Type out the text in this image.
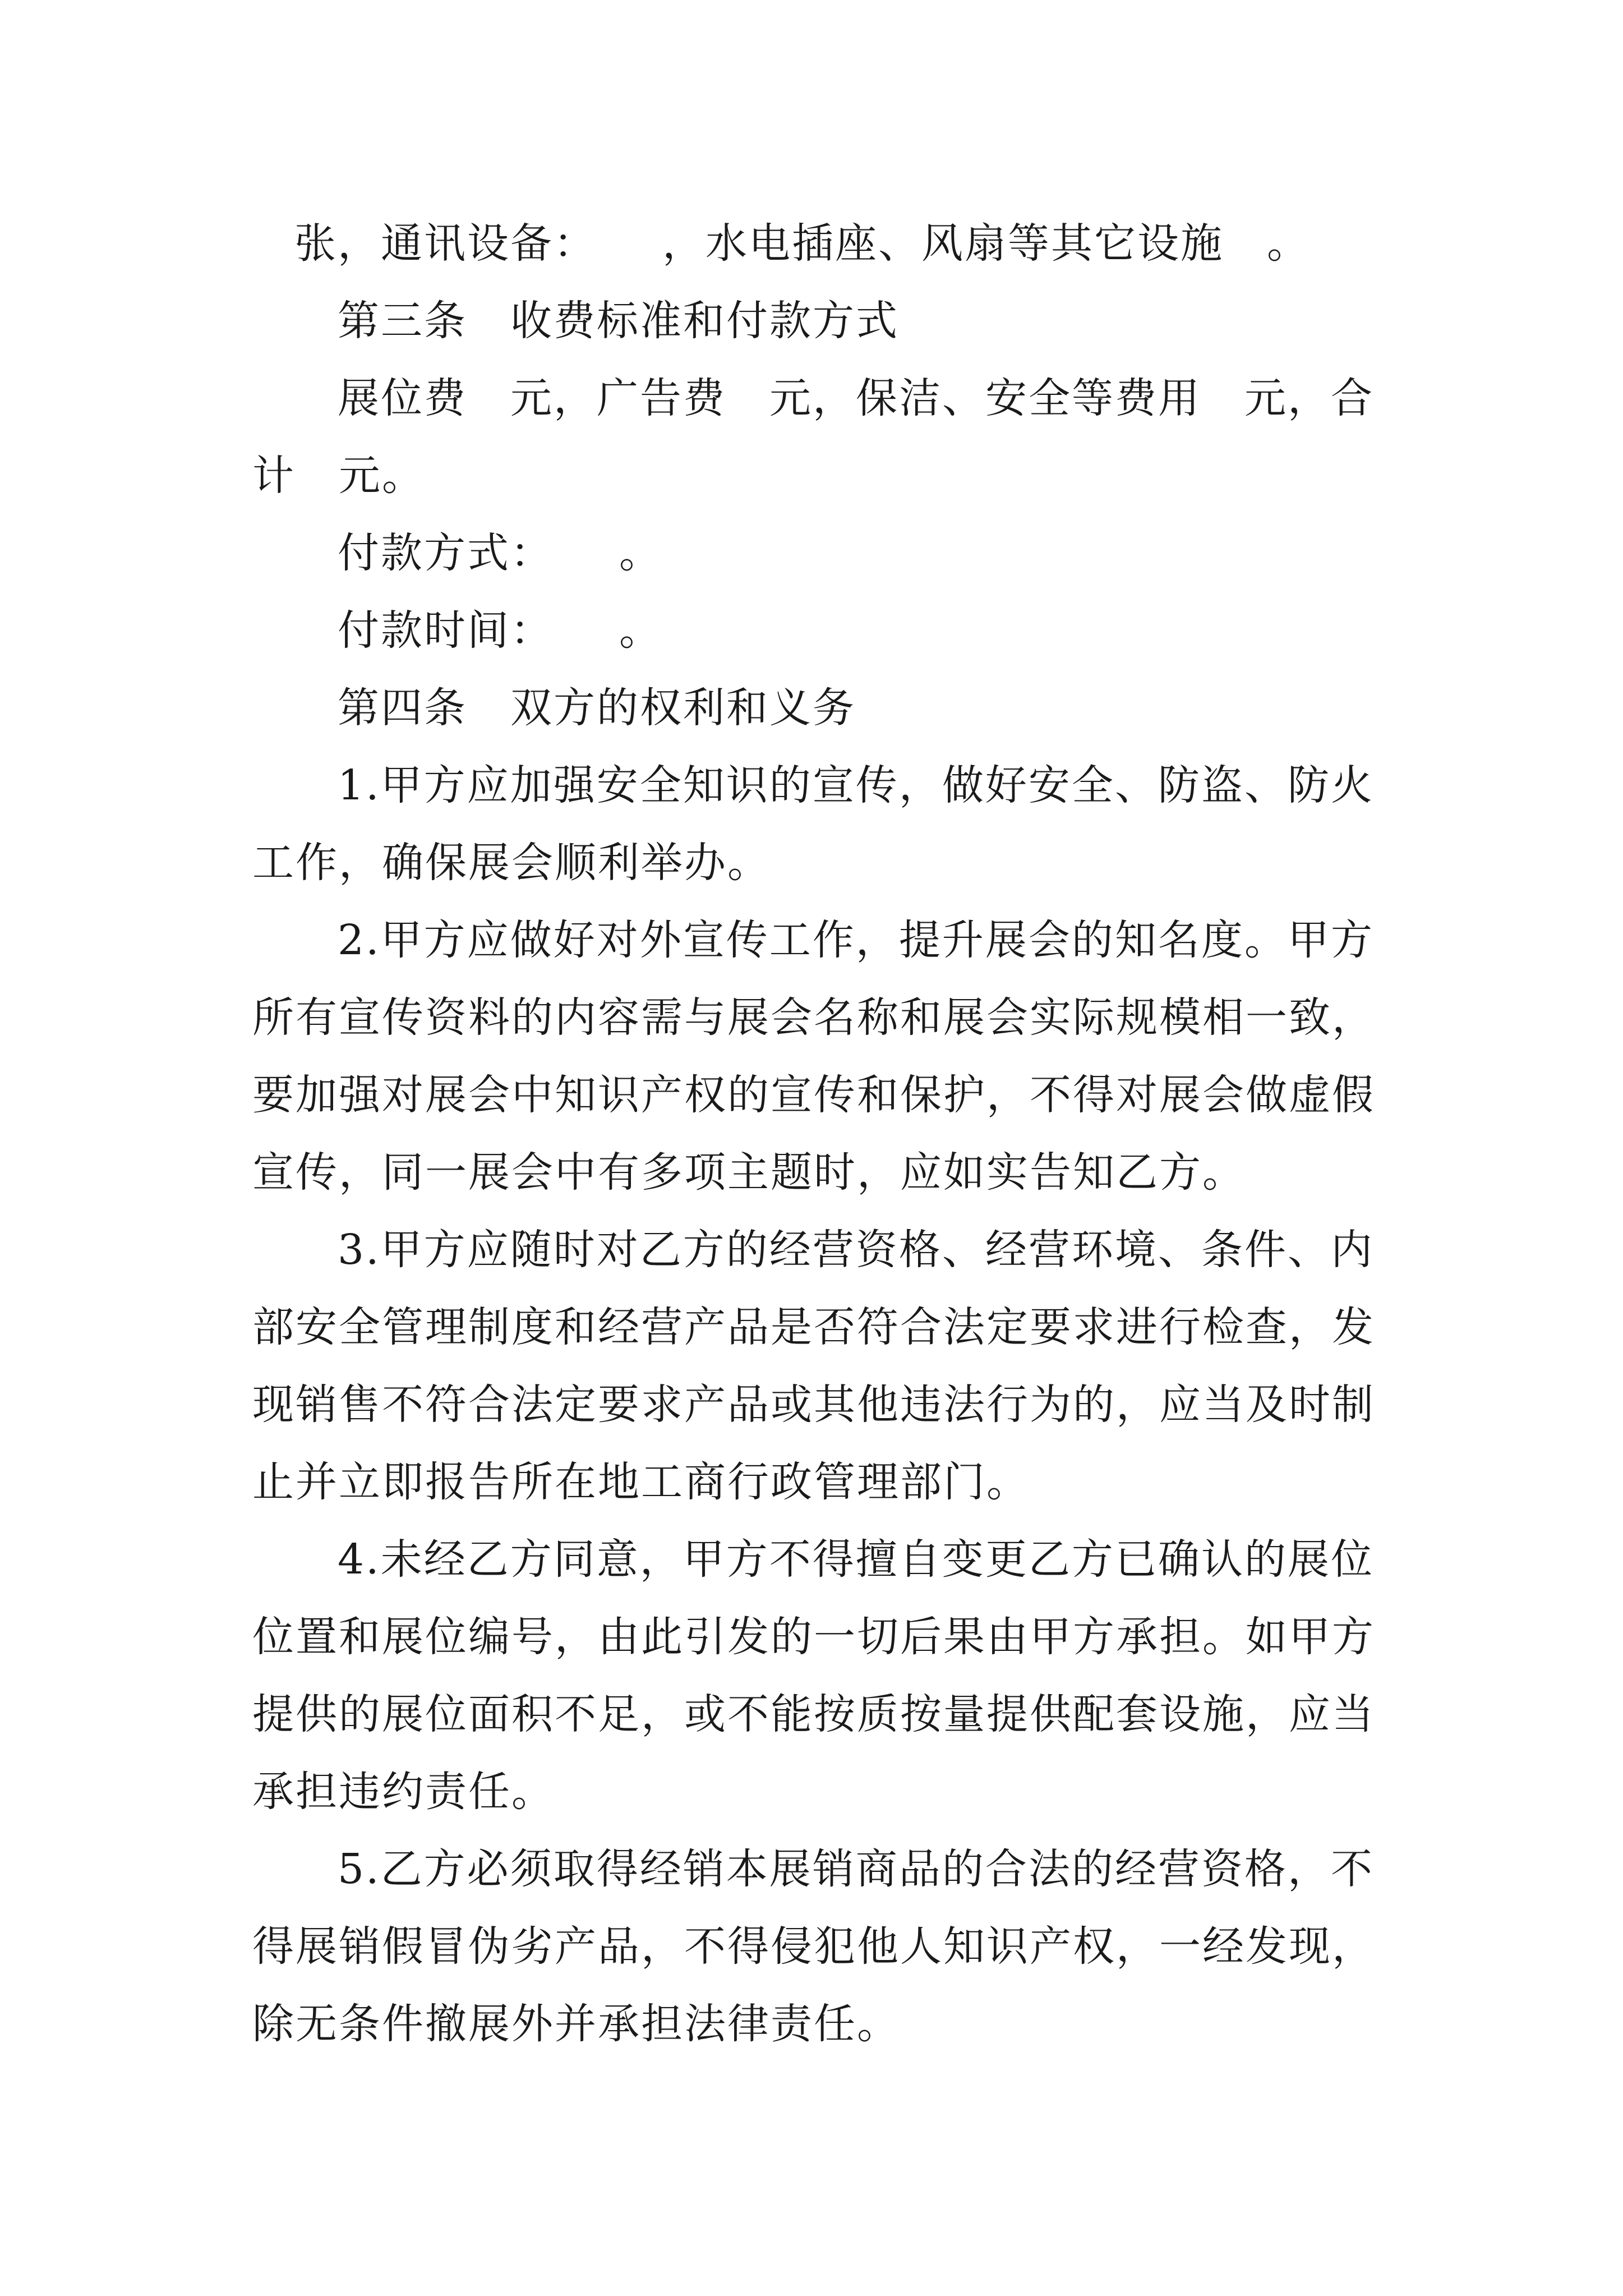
张，通讯设备：　　，水电插座、风扇等其它设施　。
第三条　收费标准和付款方式
展位费　元，广告费　元，保洁、安全等费用　元，合
计　元。
付款方式：　　。
付款时间：　　。
第四条　双方的权利和义务
1.甲方应加强安全知识的宣传，做好安全、防盗、防火
工作，确保展会顺利举办。
2.甲方应做好对外宣传工作，提升展会的知名度。甲方
所有宣传资料的内容需与展会名称和展会实际规模相一致，
要加强对展会中知识产权的宣传和保护，不得对展会做虚假
宣传，同一展会中有多项主题时，应如实告知乙方。
3.甲方应随时对乙方的经营资格、经营环境、条件、内
部安全管理制度和经营产品是否符合法定要求进行检查，发
现销售不符合法定要求产品或其他违法行为的，应当及时制
止并立即报告所在地工商行政管理部门。
4.未经乙方同意，甲方不得擅自变更乙方已确认的展位
位置和展位编号，由此引发的一切后果由甲方承担。如甲方
提供的展位面积不足，或不能按质按量提供配套设施，应当
承担违约责任。
5.乙方必须取得经销本展销商品的合法的经营资格，不
得展销假冒伪劣产品，不得侵犯他人知识产权，一经发现，
除无条件撤展外并承担法律责任。
